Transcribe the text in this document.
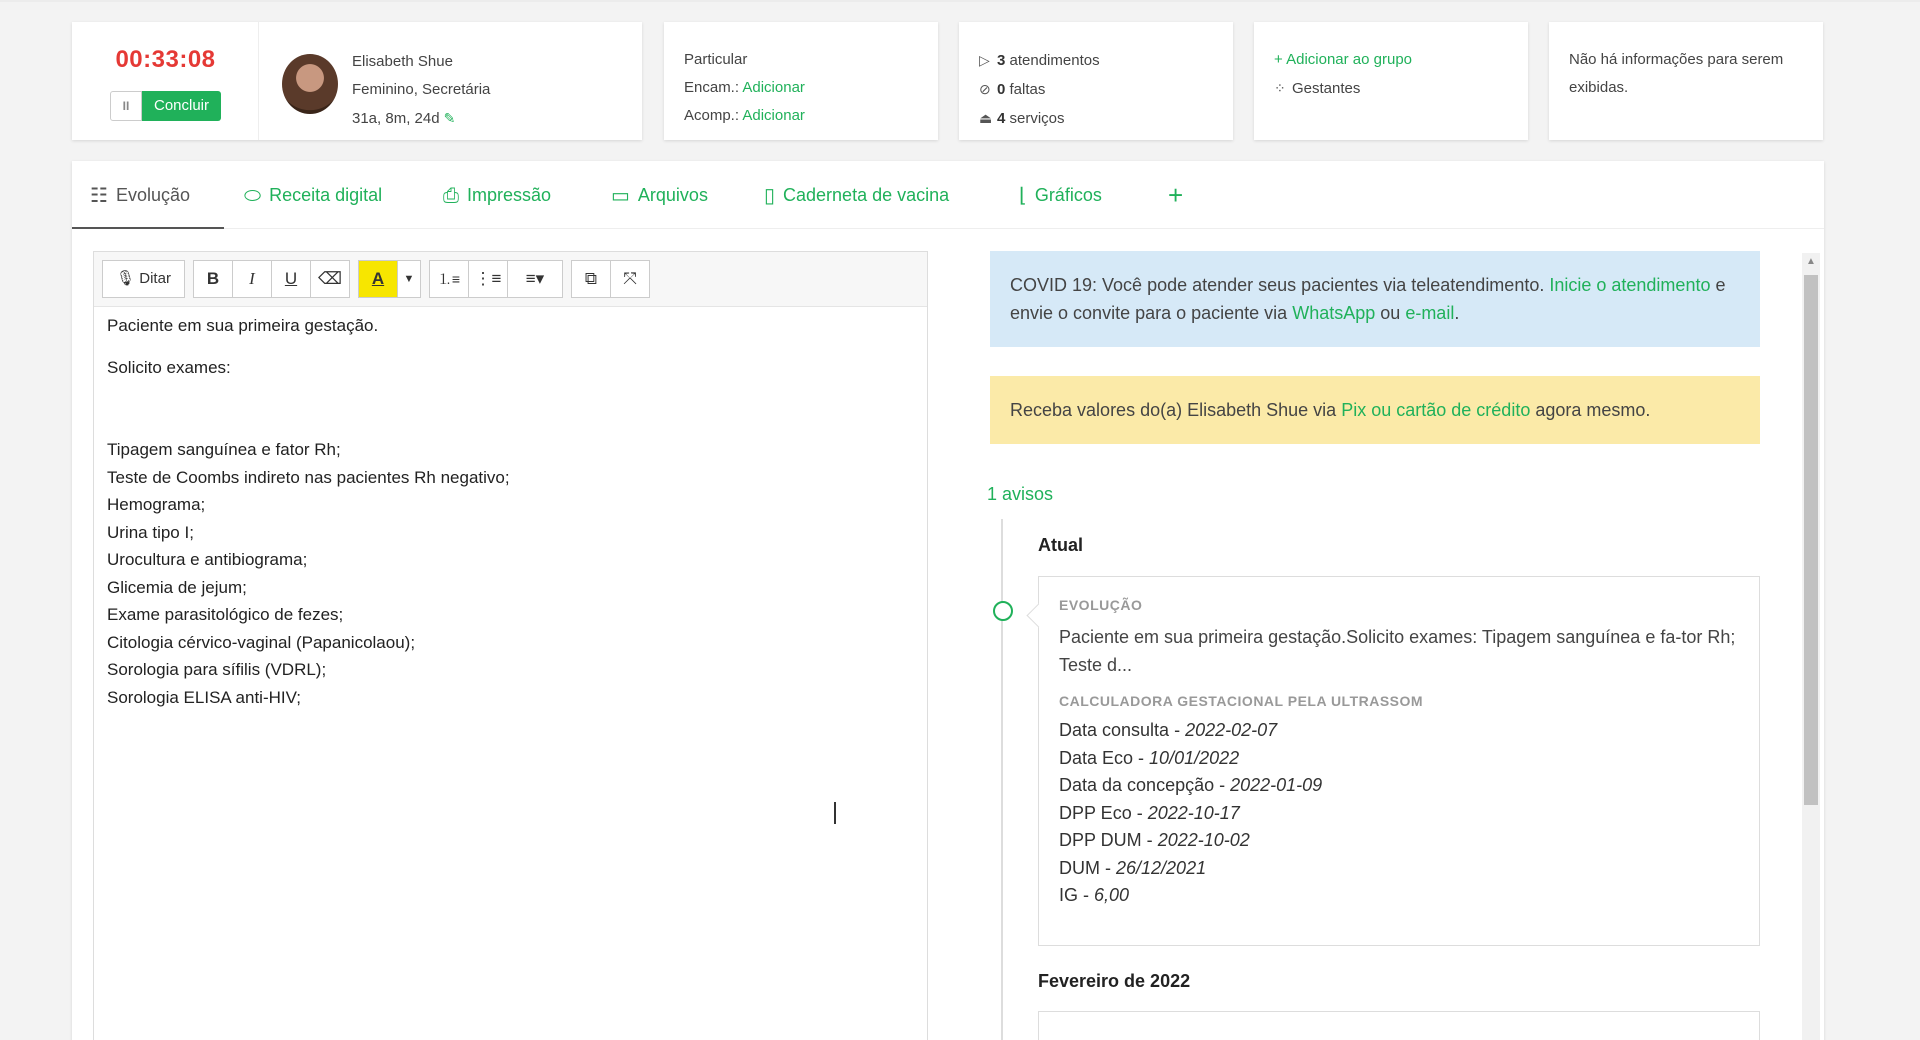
00:33:08
II	Concluir
Elisabeth Shue
Feminino, Secretária
31a, 8m, 24d ✎
Particular
Encam.: Adicionar
Acomp.: Adicionar
▷ 3 atendimentos
⊘ 0 faltas
⏏ 4 serviços
+ Adicionar ao grupo
⁘ Gestantes
Não há informações para serem exibidas.
☷ Evolução	⬭ Receita digital	⎙ Impressão	▭ Arquivos	▯ Caderneta de vacina	⌊ Gráficos	+
🎙 Ditar	B	I	U	⌫	A	▼	⒈≡ ⋮≡	≡▾	⧉	⤧

Paciente em sua primeira gestação.

Solicito exames:

Tipagem sanguínea e fator Rh;

Teste de Coombs indireto nas pacientes Rh negativo;

Hemograma;

Urina tipo I;

Urocultura e antibiograma;

Glicemia de jejum;

Exame parasitológico de fezes;

Citologia cérvico-vaginal (Papanicolaou);

Sorologia para sífilis (VDRL);

Sorologia ELISA anti-HIV;

COVID 19: Você pode atender seus pacientes via teleatendimento. Inicie o atendimento e envie o convite para o paciente via WhatsApp ou e-mail.
Receba valores do(a) Elisabeth Shue via Pix ou cartão de crédito agora mesmo.
1 avisos
Atual
EVOLUÇÃO
Paciente em sua primeira gestação.Solicito exames: Tipagem sanguínea e fa-tor Rh; Teste d...
CALCULADORA GESTACIONAL PELA ULTRASSOM
Data consulta - 2022-02-07
Data Eco - 10/01/2022
Data da concepção - 2022-01-09
DPP Eco - 2022-10-17
DPP DUM - 2022-10-02
DUM - 26/12/2021
IG - 6,00
Fevereiro de 2022
▲
